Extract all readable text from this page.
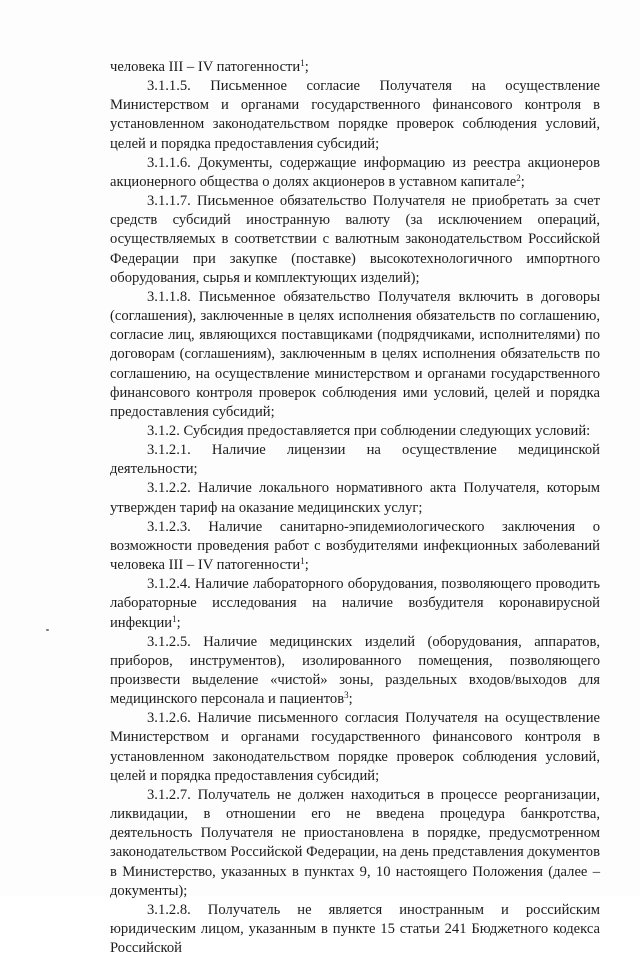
человека III – IV патогенности$^1$;

3.1.1.5. Письменное согласие Получателя на осуществление Министерством и органами государственного финансового контроля в установленном законодательством порядке проверок соблюдения условий, целей и порядка предоставления субсидий;

3.1.1.6. Документы, содержащие информацию из реестра акционеров акционерного общества о долях акционеров в уставном капитале$^2$;

3.1.1.7. Письменное обязательство Получателя не приобретать за счет средств субсидий иностранную валюту (за исключением операций, осуществляемых в соответствии с валютным законодательством Российской Федерации при закупке (поставке) высокотехнологичного импортного оборудования, сырья и комплектующих изделий);

3.1.1.8. Письменное обязательство Получателя включить в договоры (соглашения), заключенные в целях исполнения обязательств по соглашению, согласие лиц, являющихся поставщиками (подрядчиками, исполнителями) по договорам (соглашениям), заключенным в целях исполнения обязательств по соглашению, на осуществление министерством и органами государственного финансового контроля проверок соблюдения ими условий, целей и порядка предоставления субсидий;

3.1.2. Субсидия предоставляется при соблюдении следующих условий:

3.1.2.1. Наличие лицензии на осуществление медицинской деятельности;

3.1.2.2. Наличие локального нормативного акта Получателя, которым утвержден тариф на оказание медицинских услуг;

3.1.2.3. Наличие санитарно-эпидемиологического заключения о возможности проведения работ с возбудителями инфекционных заболеваний человека III – IV патогенности$^1$;

3.1.2.4. Наличие лабораторного оборудования, позволяющего проводить лабораторные исследования на наличие возбудителя коронавирусной инфекции$^1$;

3.1.2.5. Наличие медицинских изделий (оборудования, аппаратов, приборов, инструментов), изолированного помещения, позволяющего произвести выделение «чистой» зоны, раздельных входов/выходов для медицинского персонала и пациентов$^3$;

3.1.2.6. Наличие письменного согласия Получателя на осуществление Министерством и органами государственного финансового контроля в установленном законодательством порядке проверок соблюдения условий, целей и порядка предоставления субсидий;

3.1.2.7. Получатель не должен находиться в процессе реорганизации, ликвидации, в отношении его не введена процедура банкротства, деятельность Получателя не приостановлена в порядке, предусмотренном законодательством Российской Федерации, на день представления документов в Министерство, указанных в пунктах 9, 10 настоящего Положения (далее – документы);

3.1.2.8. Получатель не является иностранным и российским юридическим лицом, указанным в пункте 15 статьи 241 Бюджетного кодекса Российской
